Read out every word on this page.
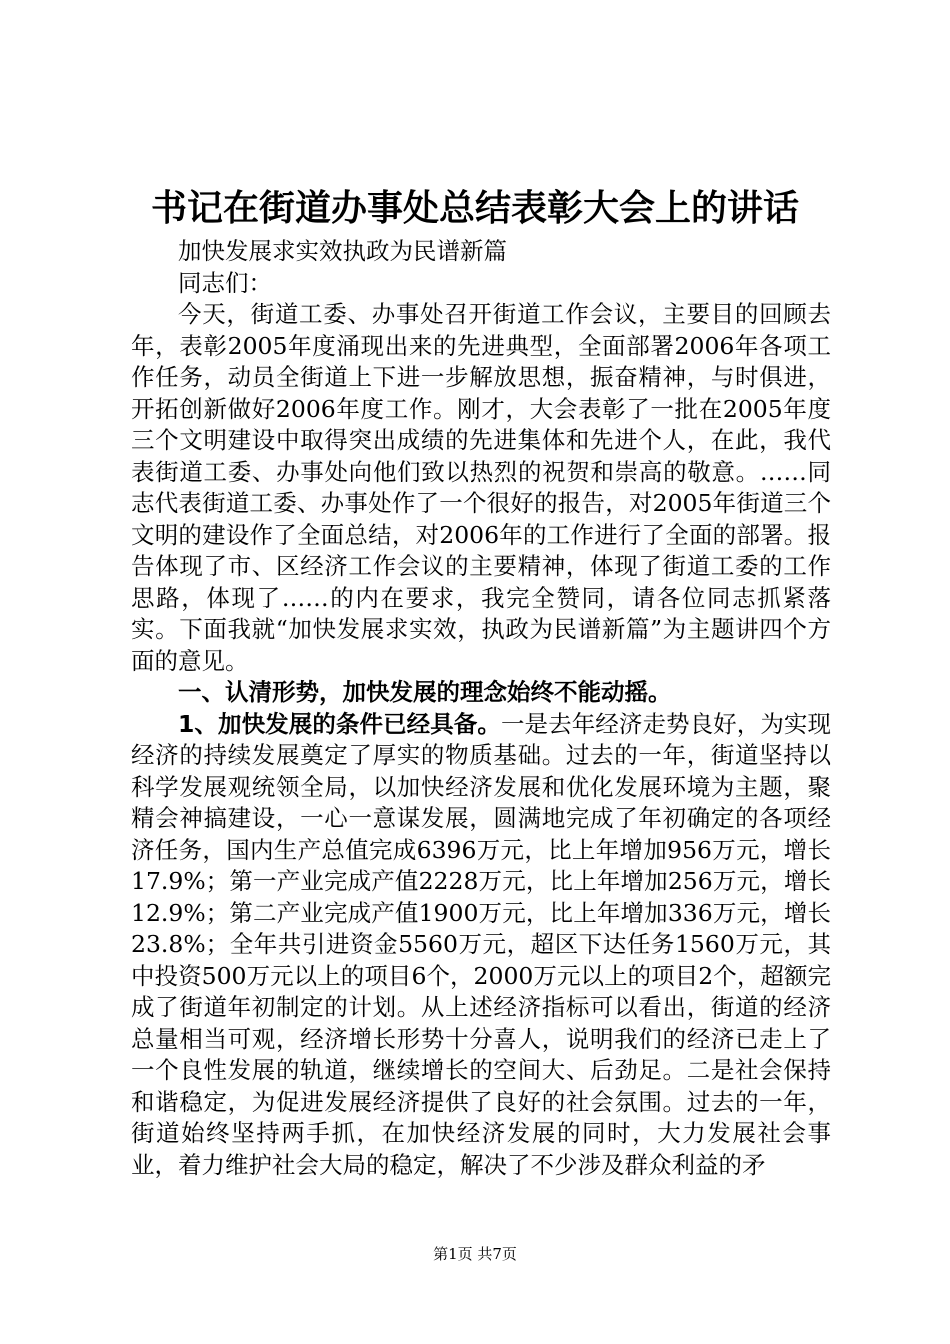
书记在街道办事处总结表彰大会上的讲话

加快发展求实效执政为民谱新篇

同志们：

今天，街道工委、办事处召开街道工作会议，主要目的回顾去年，表彰2005年度涌现出来的先进典型，全面部署2006年各项工作任务，动员全街道上下进一步解放思想，振奋精神，与时俱进，开拓创新做好2006年度工作。刚才，大会表彰了一批在2005年度三个文明建设中取得突出成绩的先进集体和先进个人，在此，我代表街道工委、办事处向他们致以热烈的祝贺和崇高的敬意。……同志代表街道工委、办事处作了一个很好的报告，对2005年街道三个文明的建设作了全面总结，对2006年的工作进行了全面的部署。报告体现了市、区经济工作会议的主要精神，体现了街道工委的工作思路，体现了……的内在要求，我完全赞同，请各位同志抓紧落实。下面我就“加快发展求实效，执政为民谱新篇”为主题讲四个方面的意见。

一、认清形势，加快发展的理念始终不能动摇。

1、加快发展的条件已经具备。一是去年经济走势良好，为实现经济的持续发展奠定了厚实的物质基础。过去的一年，街道坚持以科学发展观统领全局，以加快经济发展和优化发展环境为主题，聚精会神搞建设，一心一意谋发展，圆满地完成了年初确定的各项经济任务，国内生产总值完成6396万元，比上年增加956万元，增长17.9%；第一产业完成产值2228万元，比上年增加256万元，增长12.9%；第二产业完成产值1900万元，比上年增加336万元，增长23.8%；全年共引进资金5560万元，超区下达任务1560万元，其中投资500万元以上的项目6个，2000万元以上的项目2个，超额完成了街道年初制定的计划。从上述经济指标可以看出，街道的经济总量相当可观，经济增长形势十分喜人，说明我们的经济已走上了一个良性发展的轨道，继续增长的空间大、后劲足。二是社会保持和谐稳定，为促进发展经济提供了良好的社会氛围。过去的一年，街道始终坚持两手抓，在加快经济发展的同时，大力发展社会事业，着力维护社会大局的稳定，解决了不少涉及群众利益的矛

第1页 共7页
